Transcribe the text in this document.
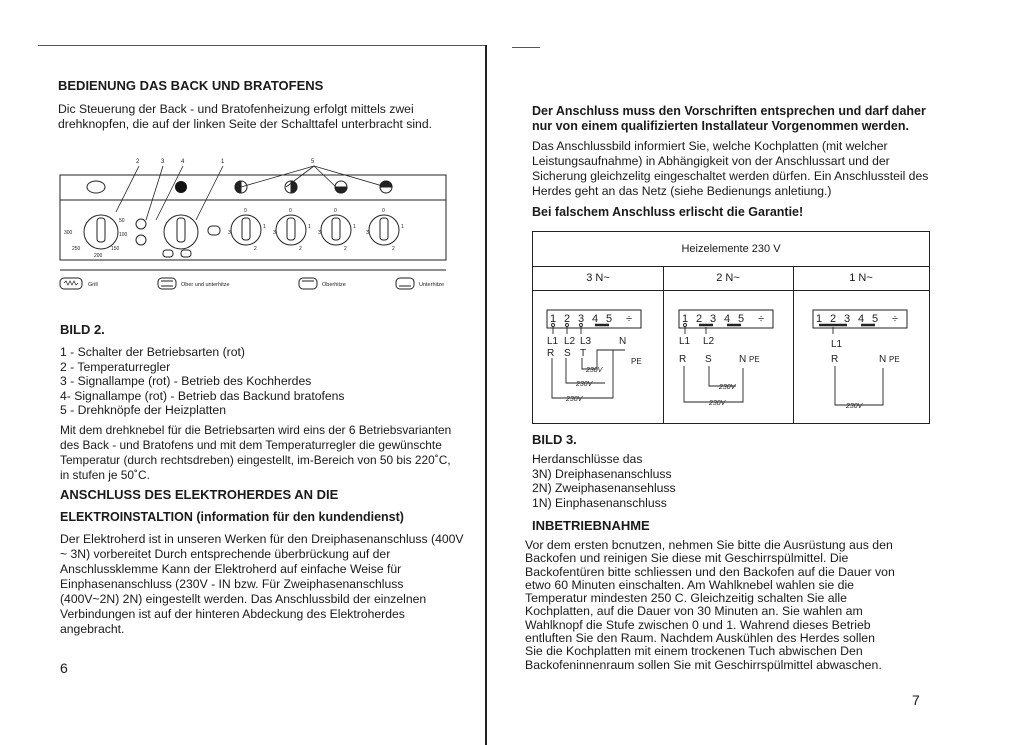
BEDIENUNG DAS BACK UND BRATOFENS
Dic Steuerung der Back - und Bratofenheizung erfolgt mittels zwei
drehknopfen, die auf der linken Seite der Schalttafel unterbracht sind.
2	3	4	1	5
50
100
150
200
250
300
0	0	0	0
1	1	1	1
2	2	2	2
3	3	3	3
Grill	Ober und unterhitze	Oberhitze	Unterhitze
BILD 2.
1 - Schalter der Betriebsarten (rot)
2 - Temperaturregler
3 - Signallampe (rot) - Betrieb des Kochherdes
4- Signallampe (rot) - Betrieb das Backund bratofens
5 - Drehknöpfe der Heizplatten
Mit dem drehknebel für die Betriebsarten wird eins der 6 Betriebsvarianten
des Back - und Bratofens und mit dem Temperaturregler die gewünschte
Temperatur (durch rechtsdreben) eingestellt, im-Bereich von 50 bis 220˚C,
in stufen je 50˚C.
ANSCHLUSS DES ELEKTROHERDES AN DIE
ELEKTROINSTALTION (information für den kundendienst)
Der Elektroherd ist in unseren Werken für den Dreiphasenanschluss (400V
~ 3N) vorbereitet Durch entsprechende überbrückung auf der
Anschlussklemme Kann der Elektroherd auf einfache Weise für
Einphasenanschluss (230V - IN bzw. Für Zweiphasenanschluss
(400V~2N) 2N) eingestellt werden. Das Anschlussbild der einzelnen
Verbindungen ist auf der hinteren Abdeckung des Elektroherdes
angebracht.
6
Der Anschluss muss den Vorschriften entsprechen und darf daher
nur von einem qualifizierten Installateur Vorgenommen werden.
Das Anschlussbild informiert Sie, welche Kochplatten (mit welcher
Leistungsaufnahme) in Abhängigkeit von der Anschlussart und der
Sicherung gleichzelitg eingeschaltet werden dürfen. Ein Anschlussteil des
Herdes geht an das Netz (siehe Bedienungs anletiung.)
Bei falschem Anschluss erlischt die Garantie!
Heizelemente 230 V
3 N~	2 N~	1 N~
1 2 3 4 5 ÷
L1 L2 L3	N
R S T
PE
230V
230V
230V
1 2 3 4 5 ÷
L1 L2
R S	N PE
230V
230V
1 2 3 4 5 ÷
L1
R	N PE
230V
BILD 3.
Herdanschlüsse das
3N) Dreiphasenanschluss
2N) Zweiphasenansehluss
1N) Einphasenanschluss
INBETRIEBNAHME
Vor dem ersten bcnutzen, nehmen Sie bitte die Ausrüstung aus den
Backofen und reinigen Sie diese mit Geschirrspülmittel. Die
Backofentüren bitte schliessen und den Backofen auf die Dauer von
etwo 60 Minuten einschalten. Am Wahlknebel wahlen sie die
Temperatur mindesten 250 C. Gleichzeitig schalten Sie alle
Kochplatten, auf die Dauer von 30 Minuten an. Sie wahlen am
Wahlknopf die Stufe zwischen 0 und 1. Wahrend dieses Betrieb
entluften Sie den Raum. Nachdem Auskühlen des Herdes sollen
Sie die Kochplatten mit einem trockenen Tuch abwischen Den
Backofeninnenraum sollen Sie mit Geschirrspülmittel abwaschen.
7
